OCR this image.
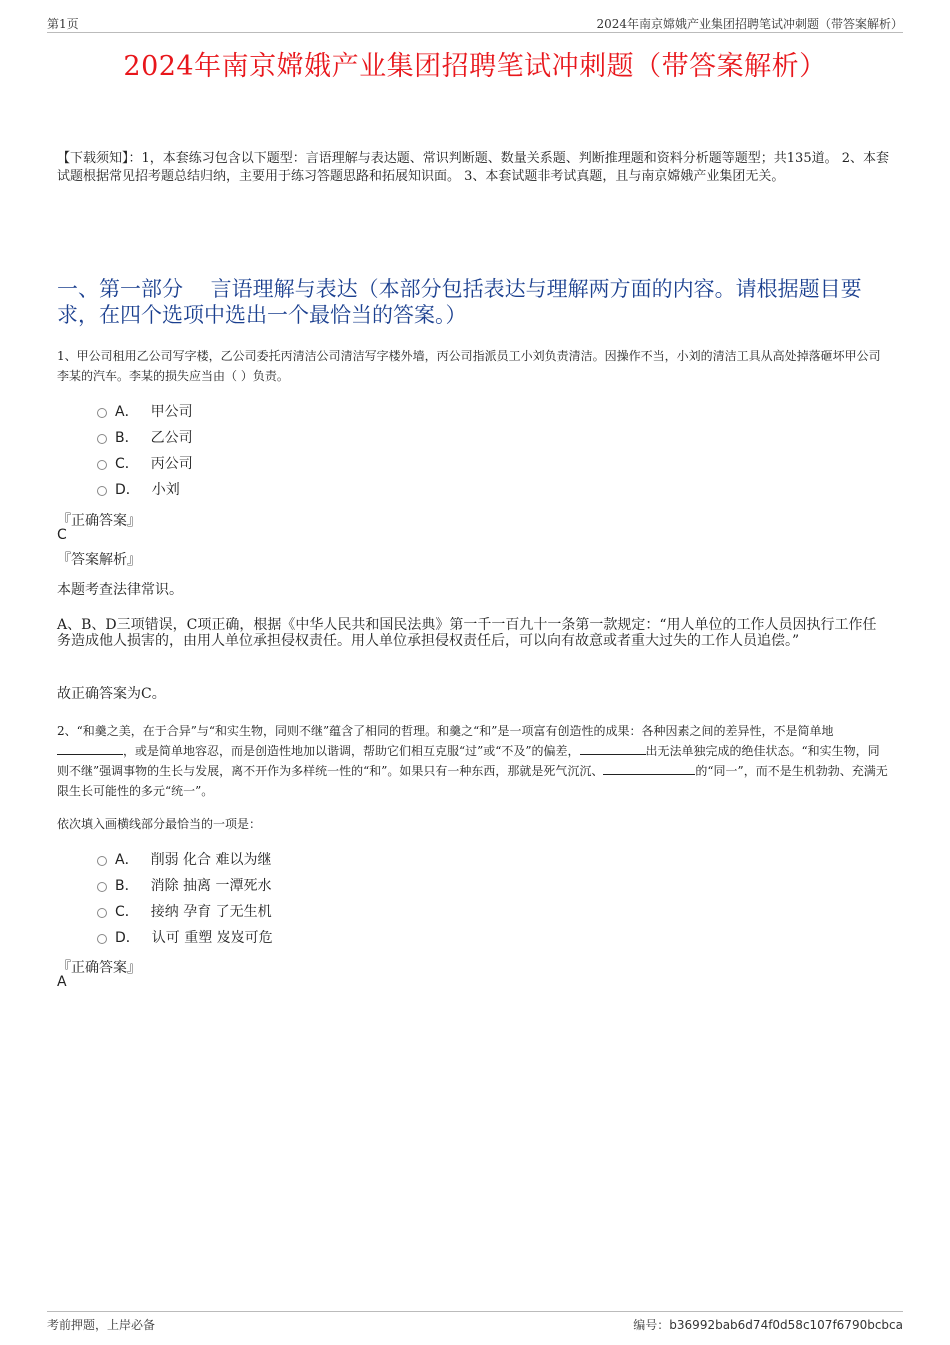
第1页	2024年南京嫦娥产业集团招聘笔试冲刺题（带答案解析）
2024年南京嫦娥产业集团招聘笔试冲刺题（带答案解析）
【下载须知】：1，本套练习包含以下题型：言语理解与表达题、常识判断题、数量关系题、判断推理题和资料分析题等题型；共135道。 2、本套试题根据常见招考题总结归纳，主要用于练习答题思路和拓展知识面。 3、本套试题非考试真题，且与南京嫦娥产业集团无关。
一、第一部分　 言语理解与表达（本部分包括表达与理解两方面的内容。请根据题目要求，在四个选项中选出一个最恰当的答案。）
1、甲公司租用乙公司写字楼，乙公司委托丙清洁公司清洁写字楼外墙，丙公司指派员工小刘负责清洁。因操作不当，小刘的清洁工具从高处掉落砸坏甲公司李某的汽车。李某的损失应当由（ ）负责。
A． 甲公司
B． 乙公司
C． 丙公司
D． 小刘
『正确答案』
C
『答案解析』
本题考查法律常识。
A、B、D三项错误，C项正确，根据《中华人民共和国民法典》第一千一百九十一条第一款规定：“用人单位的工作人员因执行工作任务造成他人损害的，由用人单位承担侵权责任。用人单位承担侵权责任后，可以向有故意或者重大过失的工作人员追偿。”
故正确答案为C。
2、“和羹之美，在于合异”与“和实生物，同则不继”蕴含了相同的哲理。和羹之“和”是一项富有创造性的成果：各种因素之间的差异性，不是简单地，或是简单地容忍，而是创造性地加以谐调，帮助它们相互克服“过”或“不及”的偏差，	出无法单独完成的绝佳状态。“和实生物，同则不继”强调事物的生长与发展，离不开作为多样统一性的“和”。如果只有一种东西，那就是死气沉沉、	的“同一”，而不是生机勃勃、充满无限生长可能性的多元“统一”。
依次填入画横线部分最恰当的一项是：
A． 削弱 化合 难以为继
B． 消除 抽离 一潭死水
C． 接纳 孕育 了无生机
D． 认可 重塑 岌岌可危
『正确答案』
A
考前押题，上岸必备	编号：b36992bab6d74f0d58c107f6790bcbca
